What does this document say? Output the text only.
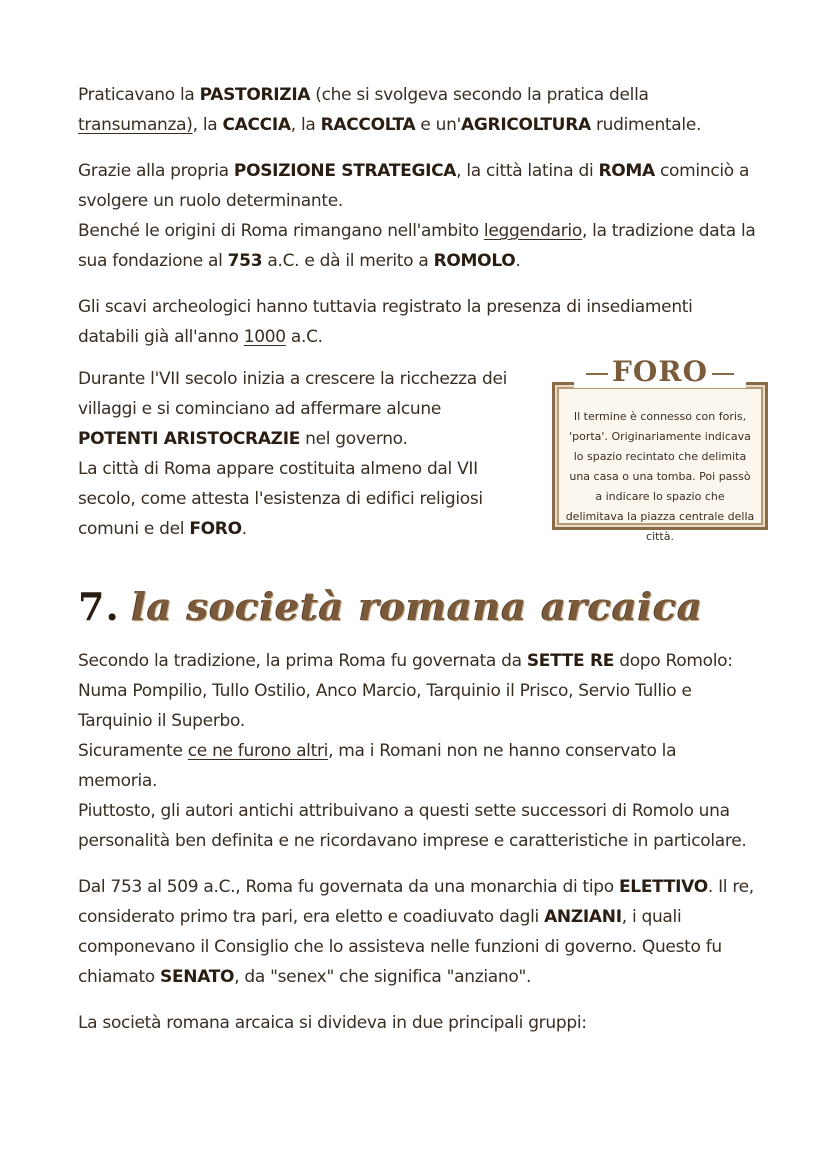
Praticavano la PASTORIZIA (che si svolgeva secondo la pratica della transumanza), la CACCIA, la RACCOLTA e un'AGRICOLTURA rudimentale.

Grazie alla propria POSIZIONE STRATEGICA, la città latina di ROMA cominciò a svolgere un ruolo determinante.

Benché le origini di Roma rimangano nell'ambito leggendario, la tradizione data la sua fondazione al 753 a.C. e dà il merito a ROMOLO.

Gli scavi archeologici hanno tuttavia registrato la presenza di insediamenti databili già all'anno 1000 a.C.

Durante l'VII secolo inizia a crescere la ricchezza dei villaggi e si cominciano ad affermare alcune POTENTI ARISTOCRAZIE nel governo.

La città di Roma appare costituita almeno dal VII secolo, come attesta l'esistenza di edifici religiosi comuni e del FORO.

FORO
Il termine è connesso con foris, 'porta'. Originariamente indicava lo spazio recintato che delimita una casa o una tomba. Poi passò a indicare lo spazio che delimitava la piazza centrale della città.
7. la società romana arcaica

Secondo la tradizione, la prima Roma fu governata da SETTE RE dopo Romolo: Numa Pompilio, Tullo Ostilio, Anco Marcio, Tarquinio il Prisco, Servio Tullio e Tarquinio il Superbo.

Sicuramente ce ne furono altri, ma i Romani non ne hanno conservato la memoria.

Piuttosto, gli autori antichi attribuivano a questi sette successori di Romolo una personalità ben definita e ne ricordavano imprese e caratteristiche in particolare.

Dal 753 al 509 a.C., Roma fu governata da una monarchia di tipo ELETTIVO. Il re, considerato primo tra pari, era eletto e coadiuvato dagli ANZIANI, i quali componevano il Consiglio che lo assisteva nelle funzioni di governo. Questo fu chiamato SENATO, da "senex" che significa "anziano".

La società romana arcaica si divideva in due principali gruppi:
